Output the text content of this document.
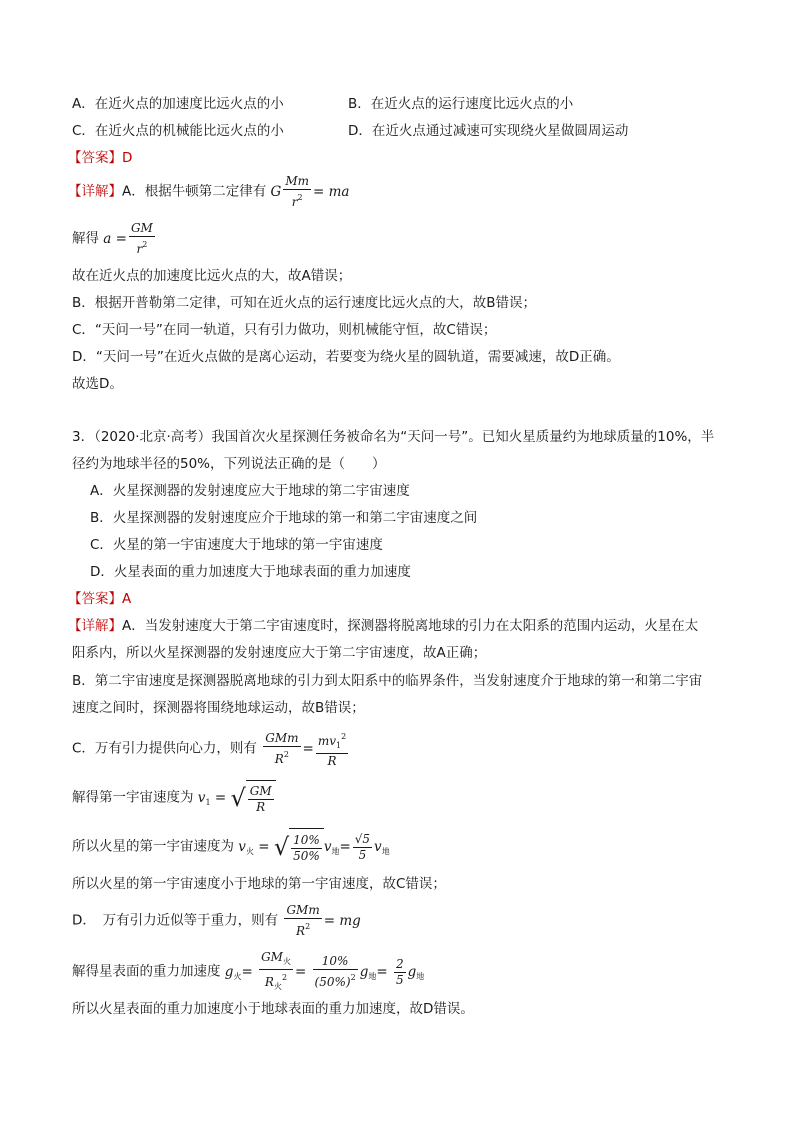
A．在近火点的加速度比远火点的小	B．在近火点的运行速度比远火点的小
C．在近火点的机械能比远火点的小	D．在近火点通过减速可实现绕火星做圆周运动
【答案】D
【详解】A．根据牛顿第二定律有 G $\frac{Mm}{r^2}$ = ma
解得 $a = \frac{GM}{r^2}$
故在近火点的加速度比远火点的大，故A错误；
B．根据开普勒第二定律，可知在近火点的运行速度比远火点的大，故B错误；
C．“天问一号”在同一轨道，只有引力做功，则机械能守恒，故C错误；
D．“天问一号”在近火点做的是离心运动，若要变为绕火星的圆轨道，需要减速，故D正确。
故选D。
3．（2020·北京·高考）我国首次火星探测任务被命名为“天问一号”。已知火星质量约为地球质量的10%，半
径约为地球半径的50%，下列说法正确的是（　　）
A．火星探测器的发射速度应大于地球的第二宇宙速度
B．火星探测器的发射速度应介于地球的第一和第二宇宙速度之间
C．火星的第一宇宙速度大于地球的第一宇宙速度
D．火星表面的重力加速度大于地球表面的重力加速度
【答案】A
【详解】A．当发射速度大于第二宇宙速度时，探测器将脱离地球的引力在太阳系的范围内运动，火星在太
阳系内，所以火星探测器的发射速度应大于第二宇宙速度，故A正确；
B．第二宇宙速度是探测器脱离地球的引力到太阳系中的临界条件，当发射速度介于地球的第一和第二宇宙
速度之间时，探测器将围绕地球运动，故B错误；
C．万有引力提供向心力，则有 $\frac{\text{GMm}}{R^2} = \frac{mv_1^2}{R}$
解得第一宇宙速度为 $v_1$ = √ $\frac{GM}{R}$
所以火星的第一宇宙速度为 $v_火$ = √ $\frac{10\%}{50\%} v_地= \frac{√5}{5} v_地$
所以火星的第一宇宙速度小于地球的第一宇宙速度，故C错误；
D．　万有引力近似等于重力，则有 $\frac{\text{GMm}}{R^2}$ = mg
解得星表面的重力加速度 $g_火= \frac{GM_火}{R_火^2} = \frac{10\%}{(50\%)^2} g_地= \frac{2}{5} g_地$
所以火星表面的重力加速度小于地球表面的重力加速度，故D错误。
